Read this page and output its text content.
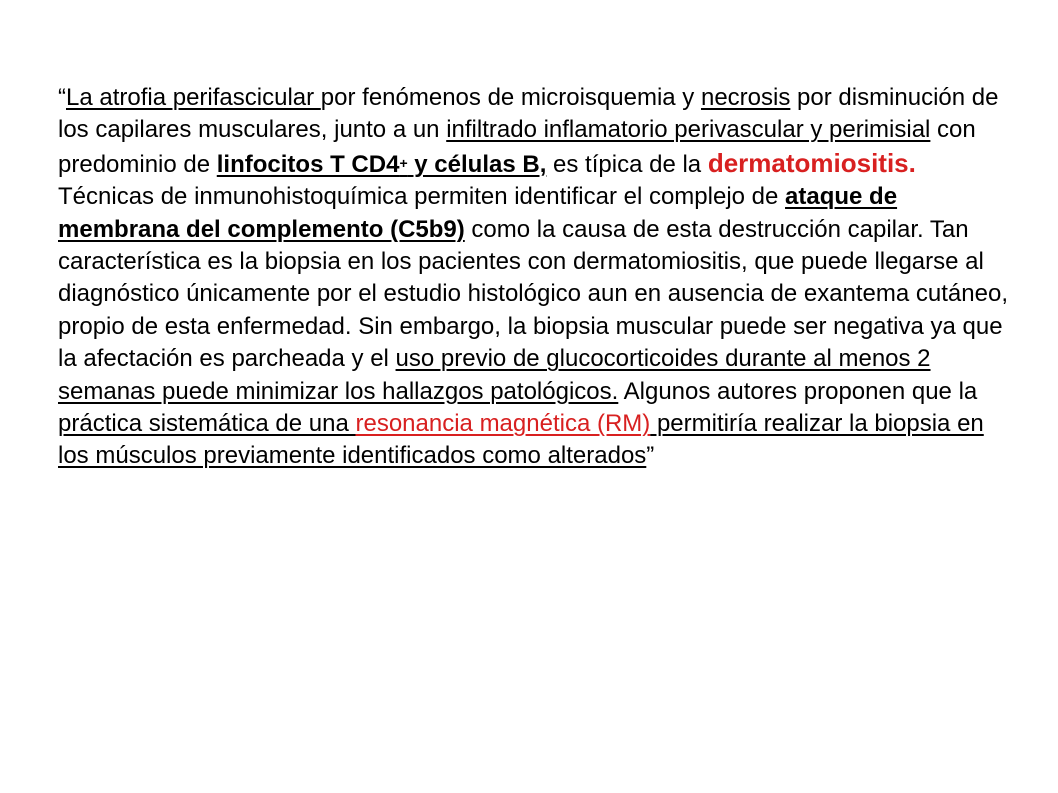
“La atrofia perifascicular por fenómenos de microisquemia y necrosis por disminución de los capilares musculares, junto a un infiltrado inflamatorio perivascular y perimisial con predominio de linfocitos T CD4+ y células B, es típica de la dermatomiositis. Técnicas de inmunohistoquímica permiten identificar el complejo de ataque de membrana del complemento (C5b9) como la causa de esta destrucción capilar. Tan característica es la biopsia en los pacientes con dermatomiositis, que puede llegarse al diagnóstico únicamente por el estudio histológico aun en ausencia de exantema cutáneo, propio de esta enfermedad. Sin embargo, la biopsia muscular puede ser negativa ya que la afectación es parcheada y el uso previo de glucocorticoides durante al menos 2 semanas puede minimizar los hallazgos patológicos. Algunos autores proponen que la práctica sistemática de una resonancia magnética (RM) permitiría realizar la biopsia en los músculos previamente identificados como alterados”
